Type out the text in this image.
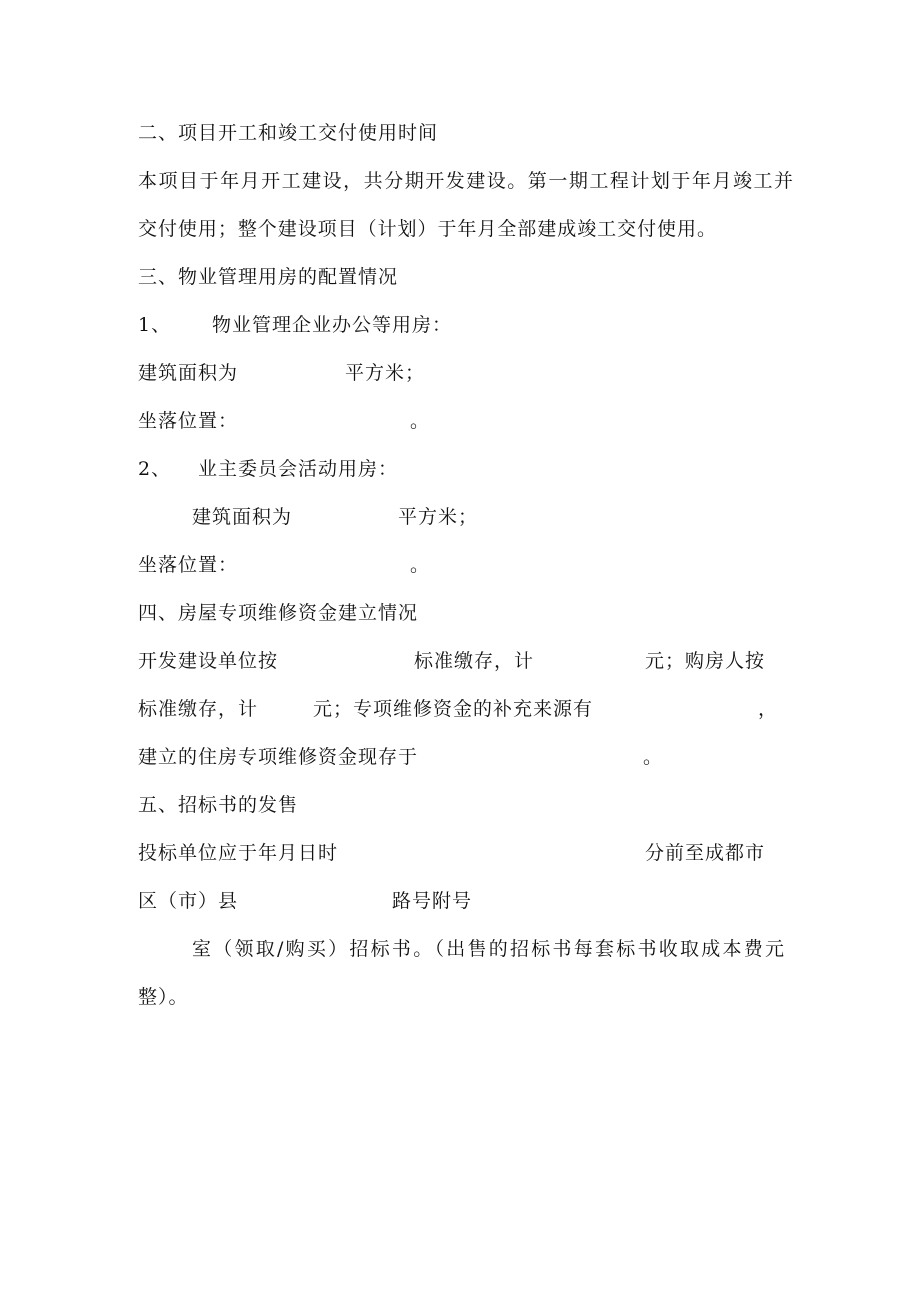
二、项目开工和竣工交付使用时间
本项目于年月开工建设，共分期开发建设。第一期工程计划于年月竣工并
交付使用；整个建设项目（计划）于年月全部建成竣工交付使用。
三、物业管理用房的配置情况
1、 物业管理企业办公等用房：
建筑面积为	平方米；
坐落位置：	。
2、 业主委员会活动用房：
建筑面积为	平方米；
坐落位置：	。
四、房屋专项维修资金建立情况
开发建设单位按	标准缴存，计	元；购房人按
标准缴存，计	元；专项维修资金的补充来源有	，
建立的住房专项维修资金现存于	。
五、招标书的发售
投标单位应于年月日时	分前至成都市
区（市）县	路号附号
室（领取/购买）招标书。（出售的招标书每套标书收取成本费元
整）。
